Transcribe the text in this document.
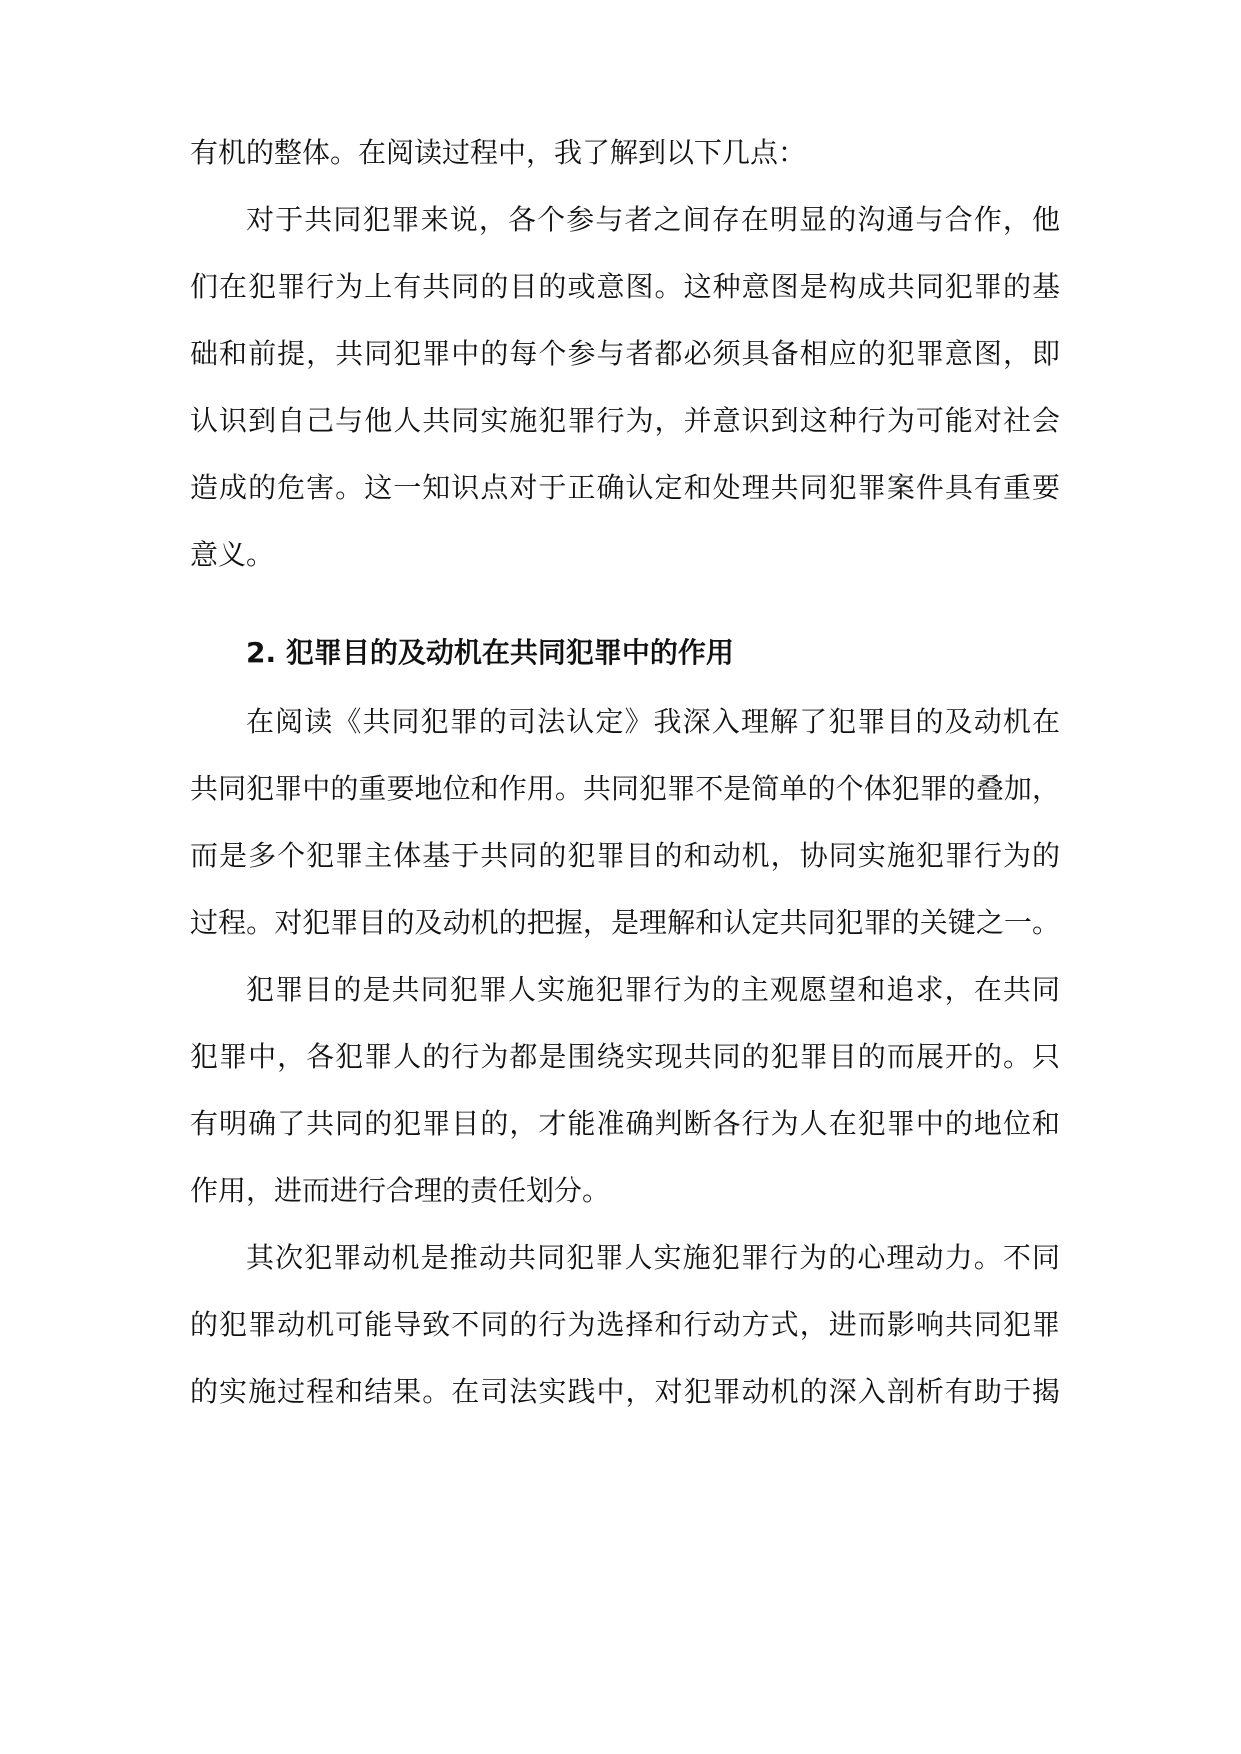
有机的整体。在阅读过程中，我了解到以下几点：
对于共同犯罪来说，各个参与者之间存在明显的沟通与合作，他
们在犯罪行为上有共同的目的或意图。这种意图是构成共同犯罪的基
础和前提，共同犯罪中的每个参与者都必须具备相应的犯罪意图，即
认识到自己与他人共同实施犯罪行为，并意识到这种行为可能对社会
造成的危害。这一知识点对于正确认定和处理共同犯罪案件具有重要
意义。
2. 犯罪目的及动机在共同犯罪中的作用
在阅读《共同犯罪的司法认定》我深入理解了犯罪目的及动机在
共同犯罪中的重要地位和作用。共同犯罪不是简单的个体犯罪的叠加，
而是多个犯罪主体基于共同的犯罪目的和动机，协同实施犯罪行为的
过程。对犯罪目的及动机的把握，是理解和认定共同犯罪的关键之一。
犯罪目的是共同犯罪人实施犯罪行为的主观愿望和追求，在共同
犯罪中，各犯罪人的行为都是围绕实现共同的犯罪目的而展开的。只
有明确了共同的犯罪目的，才能准确判断各行为人在犯罪中的地位和
作用，进而进行合理的责任划分。
其次犯罪动机是推动共同犯罪人实施犯罪行为的心理动力。不同
的犯罪动机可能导致不同的行为选择和行动方式，进而影响共同犯罪
的实施过程和结果。在司法实践中，对犯罪动机的深入剖析有助于揭
